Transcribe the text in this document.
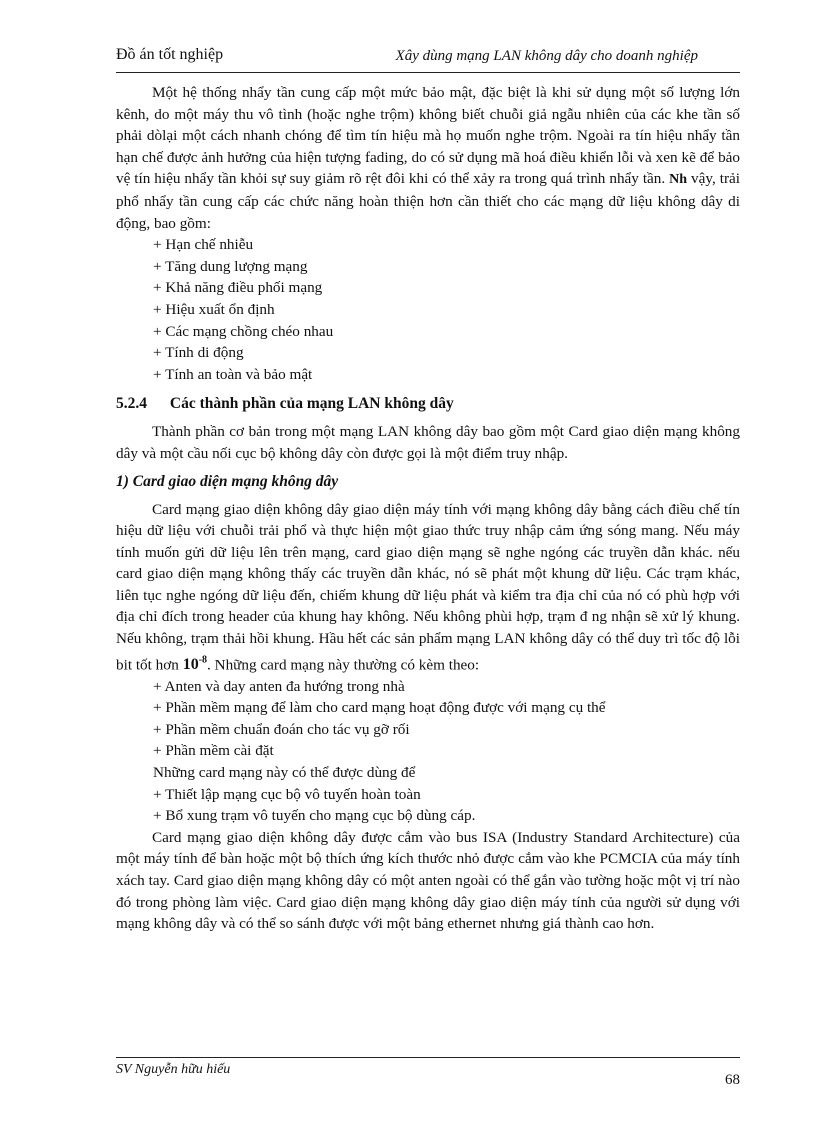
Đồ án tốt nghiệp	Xây dùng mạng LAN không dây cho doanh nghiệp

Một hệ thống nhẩy tần cung cấp một mức bảo mật, đặc biệt là khi sử dụng một số lượng lớn kênh, do một máy thu vô tình (hoặc nghe trộm) không biết chuỗi giả ngẫu nhiên của các khe tần số phải dòlại một cách nhanh chóng để tìm tín hiệu mà họ muốn nghe trộm. Ngoài ra tín hiệu nhẩy tần hạn chế được ảnh hưởng của hiện tượng fading, do có sử dụng mã hoá điều khiển lỗi và xen kẽ để bảo vệ tín hiệu nhẩy tần khỏi sự suy giảm rõ rệt đôi khi có thể xảy ra trong quá trình nhẩy tần. Nh vậy, trải phổ nhẩy tần cung cấp các chức năng hoàn thiện hơn cần thiết cho các mạng dữ liệu không dây di động, bao gồm:

+ Hạn chế nhiễu
+ Tăng dung lượng mạng
+ Khả năng điều phối mạng
+ Hiệu xuất ổn định
+ Các mạng chồng chéo nhau
+ Tính di động
+ Tính an toàn và bảo mật
5.2.4 Các thành phần của mạng LAN không dây

Thành phần cơ bản trong một mạng LAN không dây bao gồm một Card giao diện mạng không dây và một cầu nối cục bộ không dây còn được gọi là một điểm truy nhập.

1) Card giao diện mạng không dây

Card mạng giao diện không dây giao diện máy tính với mạng không dây bằng cách điều chế tín hiệu dữ liệu với chuỗi trải phổ và thực hiện một giao thức truy nhập cảm ứng sóng mang. Nếu máy tính muốn gửi dữ liệu lên trên mạng, card giao diện mạng sẽ nghe ngóng các truyền dẫn khác. nếu card giao diện mạng không thấy các truyền dẫn khác, nó sẽ phát một khung dữ liệu. Các trạm khác, liên tục nghe ngóng dữ liệu đến, chiếm khung dữ liệu phát và kiểm tra địa chỉ của nó có phù hợp với địa chỉ đích trong header của khung hay không. Nếu không phùi hợp, trạm đ ng nhận sẽ xử lý khung. Nếu không, trạm thải hồi khung. Hầu hết các sản phẩm mạng LAN không dây có thể duy trì tốc độ lỗi bit tốt hơn $10^{-8}$. Những card mạng này thường có kèm theo:

+ Anten và day anten đa hướng trong nhà
+ Phần mềm mạng để làm cho card mạng hoạt động được với mạng cụ thể
+ Phần mềm chuẩn đoán cho tác vụ gỡ rối
+ Phần mềm cài đặt

Những card mạng này có thể được dùng để

+ Thiết lập mạng cục bộ vô tuyến hoàn toàn
+ Bổ xung trạm vô tuyến cho mạng cục bộ dùng cáp.

Card mạng giao diện không dây được cắm vào bus ISA (Industry Standard Architecture) của một máy tính để bàn hoặc một bộ thích ứng kích thước nhỏ được cắm vào khe PCMCIA của máy tính xách tay. Card giao diện mạng không dây có một anten ngoài có thể gắn vào tường hoặc một vị trí nào đó trong phòng làm việc. Card giao diện mạng không dây giao diện máy tính của người sử dụng với mạng không dây và có thể so sánh được với một bảng ethernet nhưng giá thành cao hơn.

SV Nguyễn hữu hiếu
68
